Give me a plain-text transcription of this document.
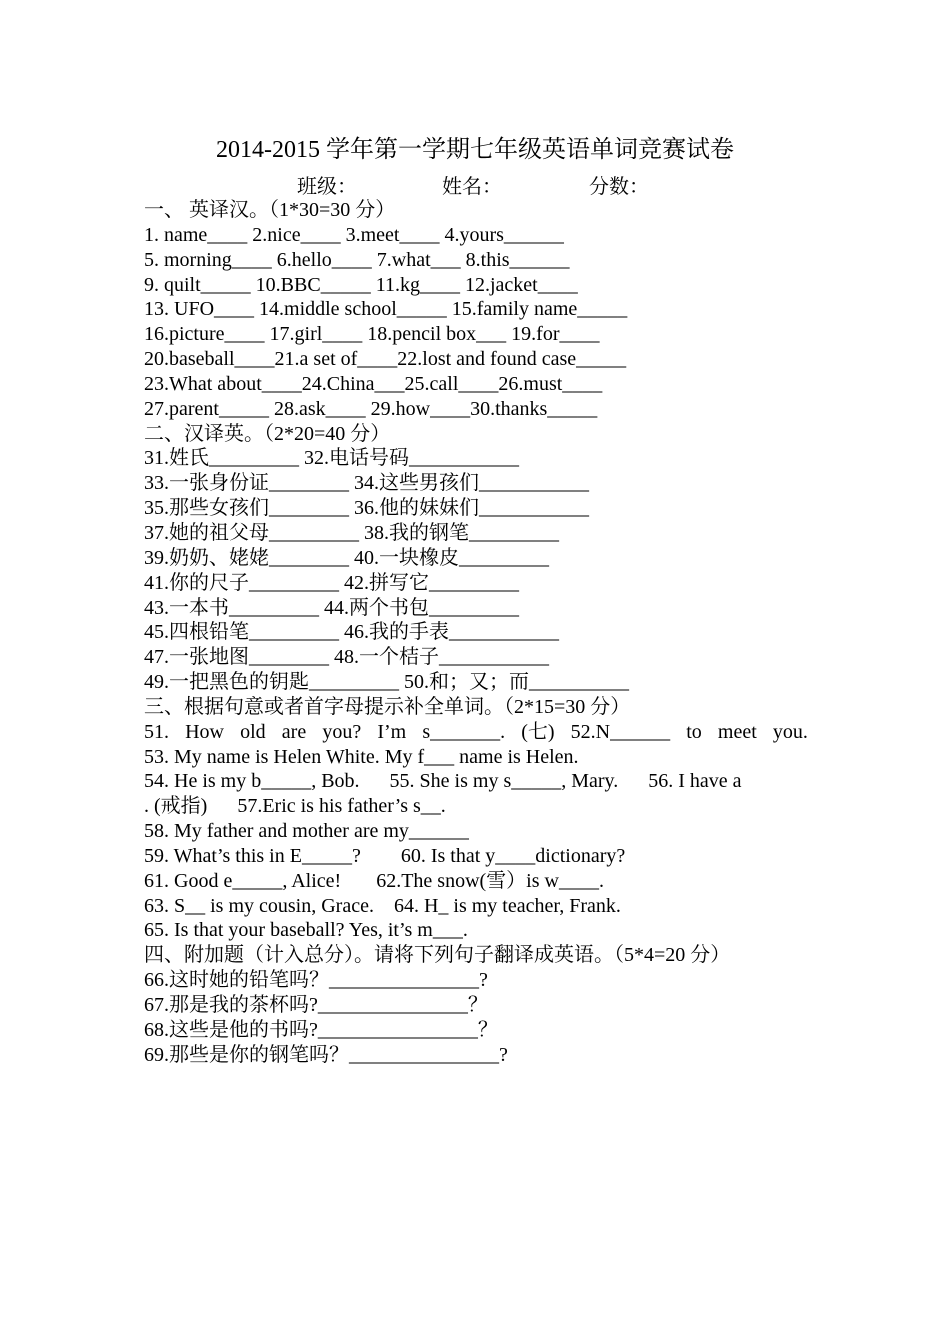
2014-2015 学年第一学期七年级英语单词竞赛试卷
班级：	姓名：	分数：
一、 英译汉。（1*30=30 分）
1. name____ 2.nice____ 3.meet____ 4.yours______
5. morning____ 6.hello____ 7.what___ 8.this______
9. quilt_____ 10.BBC_____ 11.kg____ 12.jacket____
13. UFO____ 14.middle school_____ 15.family name_____
16.picture____ 17.girl____ 18.pencil box___ 19.for____
20.baseball____21.a set of____22.lost and found case_____
23.What about____24.China___25.call____26.must____
27.parent_____ 28.ask____ 29.how____30.thanks_____
二、汉译英。（2*20=40 分）
31.姓氏_________ 32.电话号码___________
33.一张身份证________ 34.这些男孩们___________
35.那些女孩们________ 36.他的妹妹们___________
37.她的祖父母_________ 38.我的钢笔_________
39.奶奶、姥姥________ 40.一块橡皮_________
41.你的尺子_________ 42.拼写它_________
43.一本书_________ 44.两个书包_________
45.四根铅笔_________ 46.我的手表___________
47.一张地图________ 48.一个桔子___________
49.一把黑色的钥匙_________ 50.和；又；而__________
三、根据句意或者首字母提示补全单词。（2*15=30 分）
51. How old are you? I’m s_______. (七) 52.N______ to meet you.
53. My name is Helen White. My f___ name is Helen.
54. He is my b_____, Bob.      55. She is my s_____, Mary.      56. I have a
. (戒指)      57.Eric is his father’s s__.
58. My father and mother are my______
59. What’s this in E_____?        60. Is that y____dictionary?
61. Good e_____, Alice!       62.The snow(雪）is w____.
63. S__ is my cousin, Grace.    64. H_ is my teacher, Frank.
65. Is that your baseball? Yes, it’s m___.
四、附加题（计入总分）。请将下列句子翻译成英语。（5*4=20 分）
66.这时她的铅笔吗？_______________?
67.那是我的茶杯吗?_______________？
68.这些是他的书吗?________________？
69.那些是你的钢笔吗？_______________?
